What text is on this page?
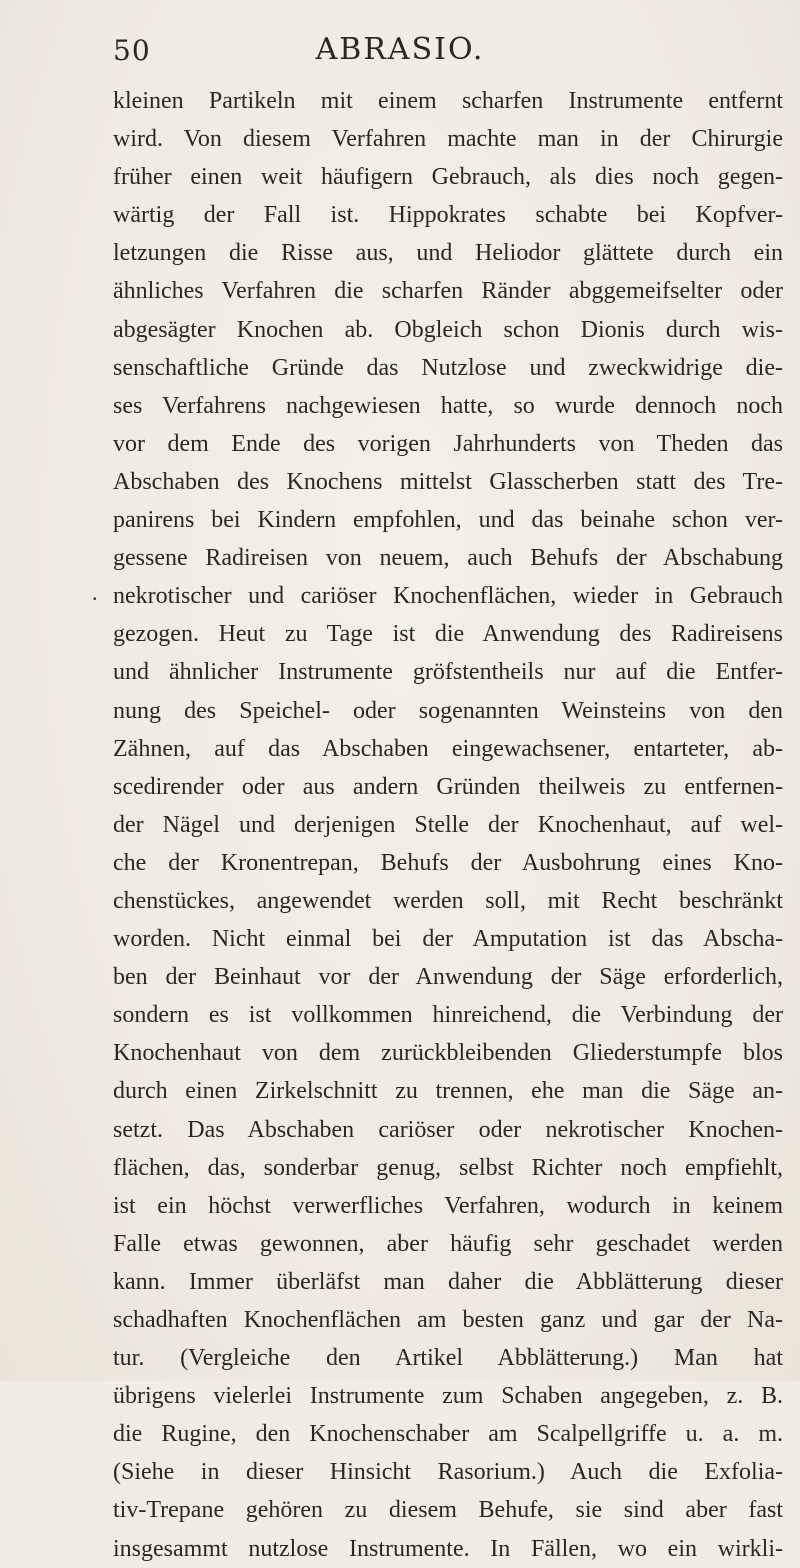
50	ABRASIO.
.
kleinen Partikeln mit einem scharfen Instrumente entfernt
wird. Von diesem Verfahren machte man in der Chirurgie
früher einen weit häufigern Gebrauch, als dies noch gegen-
wärtig der Fall ist. Hippokrates schabte bei Kopfver-
letzungen die Risse aus, und Heliodor glättete durch ein
ähnliches Verfahren die scharfen Ränder abggemeifselter oder
abgesägter Knochen ab. Obgleich schon Dionis durch wis-
senschaftliche Gründe das Nutzlose und zweckwidrige die-
ses Verfahrens nachgewiesen hatte, so wurde dennoch noch
vor dem Ende des vorigen Jahrhunderts von Theden das
Abschaben des Knochens mittelst Glasscherben statt des Tre-
panirens bei Kindern empfohlen, und das beinahe schon ver-
gessene Radireisen von neuem, auch Behufs der Abschabung
nekrotischer und cariöser Knochenflächen, wieder in Gebrauch
gezogen. Heut zu Tage ist die Anwendung des Radireisens
und ähnlicher Instrumente gröfstentheils nur auf die Entfer-
nung des Speichel- oder sogenannten Weinsteins von den
Zähnen, auf das Abschaben eingewachsener, entarteter, ab-
scedirender oder aus andern Gründen theilweis zu entfernen-
der Nägel und derjenigen Stelle der Knochenhaut, auf wel-
che der Kronentrepan, Behufs der Ausbohrung eines Kno-
chenstückes, angewendet werden soll, mit Recht beschränkt
worden. Nicht einmal bei der Amputation ist das Abscha-
ben der Beinhaut vor der Anwendung der Säge erforderlich,
sondern es ist vollkommen hinreichend, die Verbindung der
Knochenhaut von dem zurückbleibenden Gliederstumpfe blos
durch einen Zirkelschnitt zu trennen, ehe man die Säge an-
setzt. Das Abschaben cariöser oder nekrotischer Knochen-
flächen, das, sonderbar genug, selbst Richter noch empfiehlt,
ist ein höchst verwerfliches Verfahren, wodurch in keinem
Falle etwas gewonnen, aber häufig sehr geschadet werden
kann. Immer überläfst man daher die Abblätterung dieser
schadhaften Knochenflächen am besten ganz und gar der Na-
tur. (Vergleiche den Artikel Abblätterung.) Man hat
übrigens vielerlei Instrumente zum Schaben angegeben, z. B.
die Rugine, den Knochenschaber am Scalpellgriffe u. a. m.
(Siehe in dieser Hinsicht Rasorium.) Auch die Exfolia-
tiv-Trepane gehören zu diesem Behufe, sie sind aber fast
insgesammt nutzlose Instrumente. In Fällen, wo ein wirkli-
